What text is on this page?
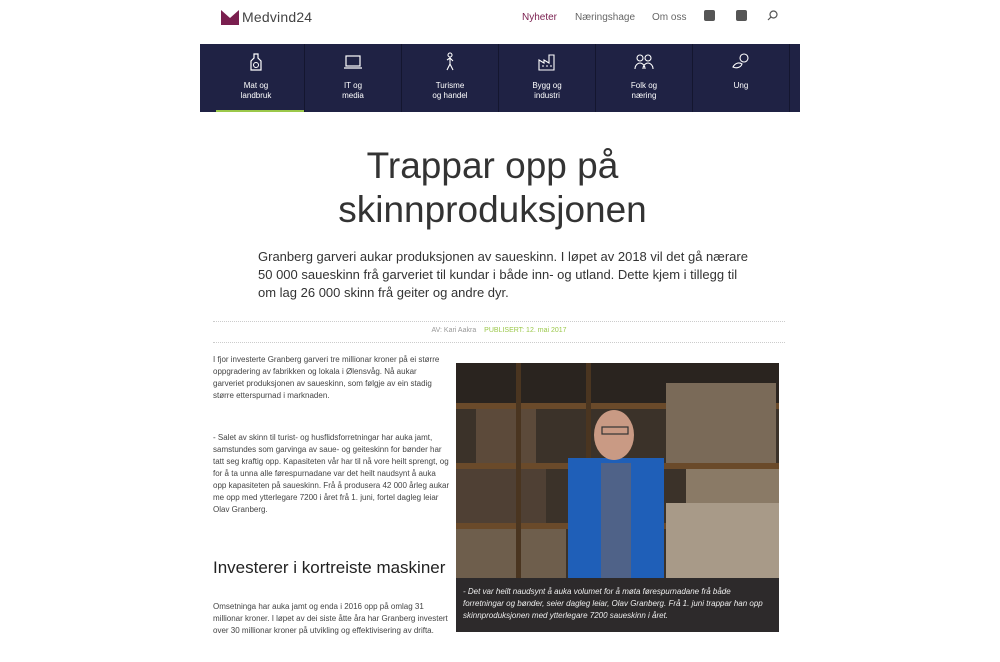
Medvind24	Nyheter Næringshage Om oss
Mat og
landbruk
IT og
media
Turisme
og handel
Bygg og
industri
Folk og
næring
Ung
Trappar opp på skinnproduksjonen

Granberg garveri aukar produksjonen av saueskinn. I løpet av 2018 vil det gå nærare 50 000 saueskinn frå garveriet til kundar i både inn- og utland. Dette kjem i tillegg til om lag 26 000 skinn frå geiter og andre dyr.

AV: Kari Aakra PUBLISERT: 12. mai 2017

I fjor investerte Granberg garveri tre millionar kroner på ei større oppgradering av fabrikken og lokala i Ølensvåg. Nå aukar garveriet produksjonen av saueskinn, som følgje av ein stadig større etterspurnad i marknaden.

- Salet av skinn til turist- og husflidsforretningar har auka jamt, samstundes som garvinga av saue- og geiteskinn for bønder har tatt seg kraftig opp. Kapasiteten vår har til nå vore heilt sprengt, og for å ta unna alle førespurnadane var det heilt naudsynt å auka opp kapasiteten på saueskinn. Frå å produsera 42 000 årleg aukar me opp med ytterlegare 7200 i året frå 1. juni, fortel dagleg leiar Olav Granberg.

Investerer i kortreiste maskiner

Omsetninga har auka jamt og enda i 2016 opp på omlag 31 millionar kroner. I løpet av dei siste åtte åra har Granberg investert over 30 millionar kroner på utvikling og effektivisering av drifta.

- Det var heilt naudsynt å auka volumet for å møta førespurnadane frå både forretningar og bønder, seier dagleg leiar, Olav Granberg. Frå 1. juni trappar han opp skinnproduksjonen med ytterlegare 7200 saueskinn i året.
